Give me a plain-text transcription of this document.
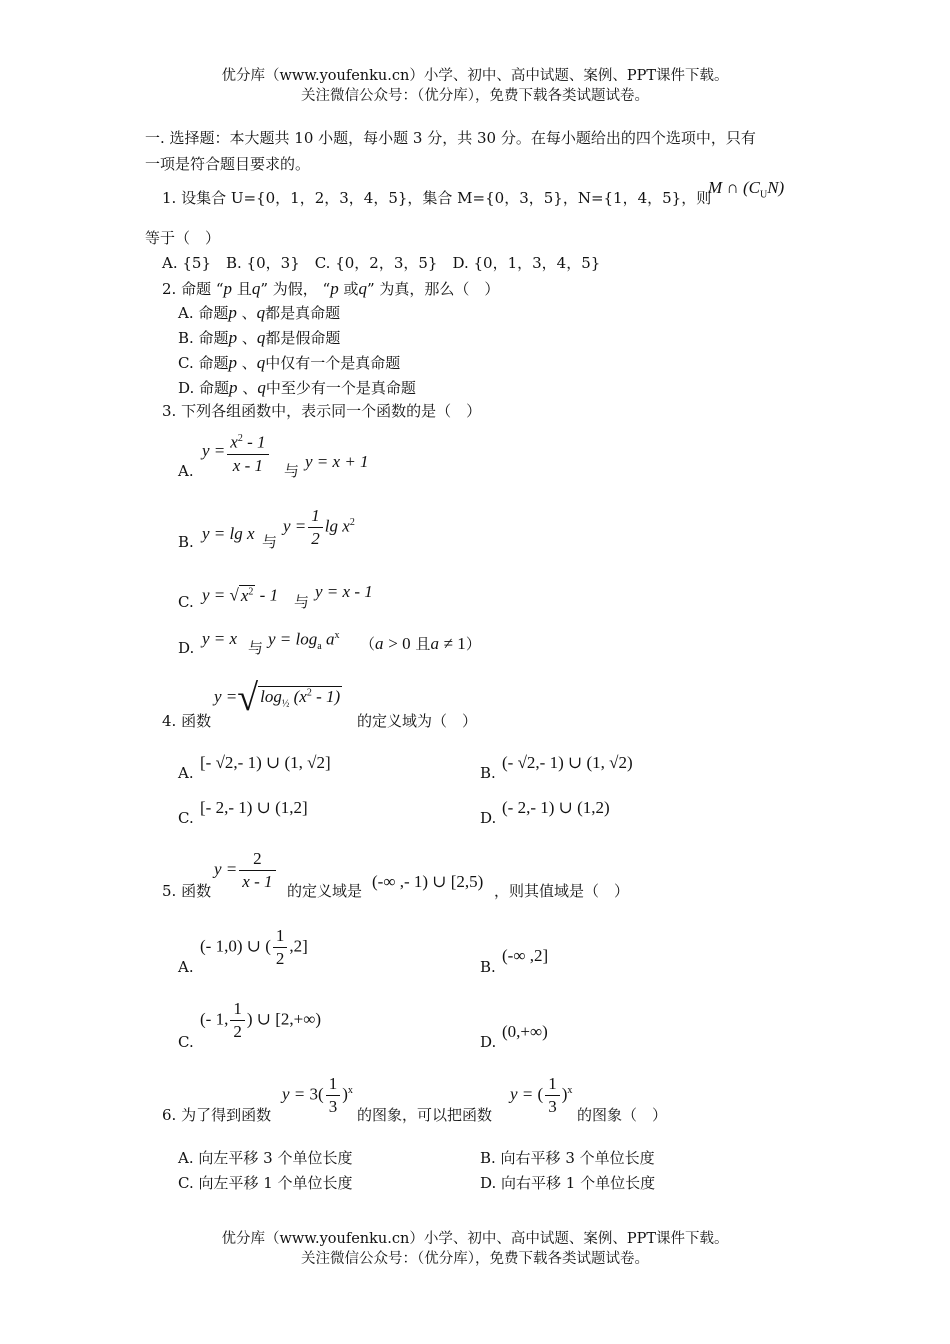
优分库（www.youfenku.cn）小学、初中、高中试题、案例、PPT课件下载。
关注微信公众号：（优分库），免费下载各类试题试卷。
一. 选择题：本大题共 10 小题，每小题 3 分，共 30 分。在每小题给出的四个选项中，只有
一项是符合题目要求的。
1. 设集合 U={0，1，2，3，4，5}，集合 M={0，3，5}，N={1，4，5}，则
M ∩ $(C_UN)$
等于（　）
A. {5}　B. {0，3}　C. {0，2，3，5}　D. {0，1，3，4，5}
2. 命题 “p 且q” 为假， “p 或q” 为真，那么（　）
A. 命题p 、q都是真命题
B. 命题p 、q都是假命题
C. 命题p 、q中仅有一个是真命题
D. 命题p 、q中至少有一个是真命题
3. 下列各组函数中，表示同一个函数的是（　）
A.
$y = \frac{x^2 - 1}{x - 1}$ 与 y = x + 1
B. y = lg x 与
$y = \frac{1}{2}$ $\lg x^2$
C. y = √ $x^2 - 1$ 与
y = x - 1
D. y = x 与 $y = \log_a a^x$ （a > 0 且a ≠ 1）
4. 函数
y =√ $\log_{\frac{1}{2}} (x^2 - 1)$
的定义域为（　）
A.
[- √2,- 1) ∪ (1, √2]
B.
(- √2,- 1) ∪ (1, √2)
C.
[- 2,- 1) ∪ (1,2]
D.
(- 2,- 1) ∪ (1,2)
5. 函数
$y = \frac{2}{x - 1}$ 的定义域是 (-∞ ,- 1) ∪ [2,5) ，则其值域是（　）
A.
(- 1,0) ∪ ( $\frac{1}{2} ,2$]
B.
(-∞ ,2]
C.
(- 1, $\frac{1}{2}$ ) ∪ [2,+∞)
D.
(0,+∞)
6. 为了得到函数
$y = 3( \frac{1}{3} )^x$
的图象，可以把函数
y = ( $\frac{1}{3} )^x$
的图象（　）
A. 向左平移 3 个单位长度	B. 向右平移 3 个单位长度
C. 向左平移 1 个单位长度	D. 向右平移 1 个单位长度
优分库（www.youfenku.cn）小学、初中、高中试题、案例、PPT课件下载。
关注微信公众号：（优分库），免费下载各类试题试卷。
